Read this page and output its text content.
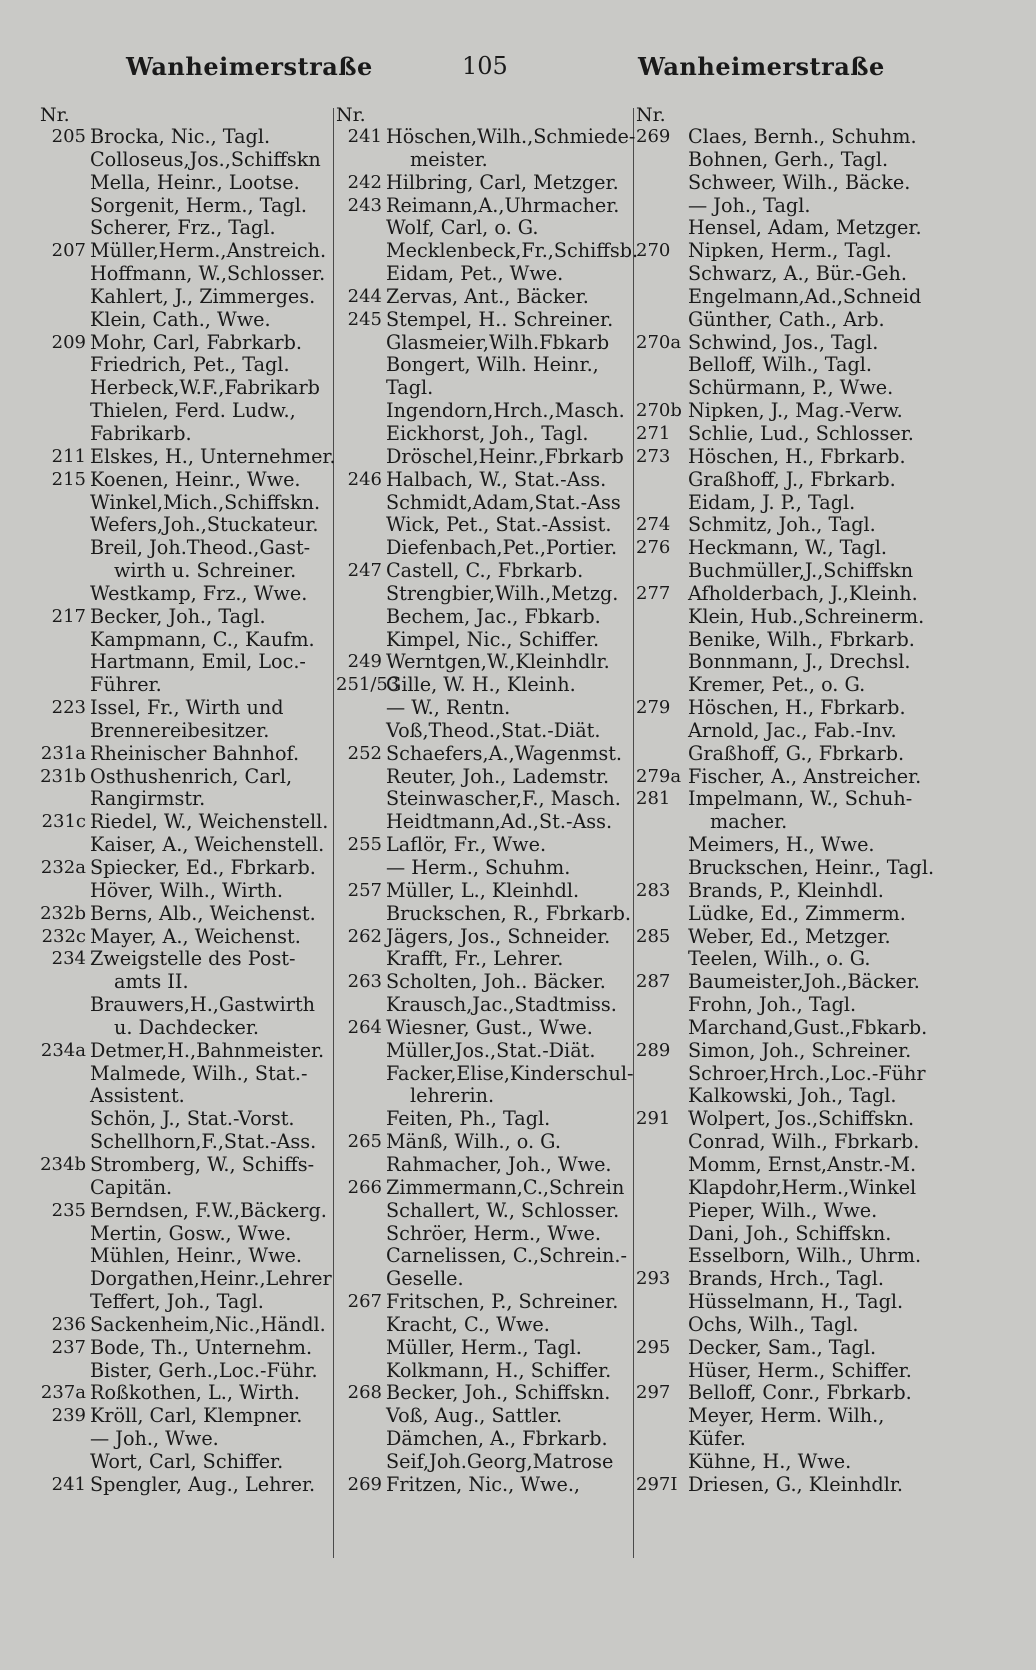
Wanheimerstraße	105	Wanheimerstraße
Nr.
205 Brocka, Nic., Tagl.
Colloseus,Jos.,Schiffskn
Mella, Heinr., Lootse.
Sorgenit, Herm., Tagl.
Scherer, Frz., Tagl.
207 Müller,Herm.,Anstreich.
Hoffmann, W.,Schlosser.
Kahlert, J., Zimmerges.
Klein, Cath., Wwe.
209 Mohr, Carl, Fabrkarb.
Friedrich, Pet., Tagl.
Herbeck,W.F.,Fabrikarb
Thielen, Ferd. Ludw.,
Fabrikarb.
211 Elskes, H., Unternehmer.
215 Koenen, Heinr., Wwe.
Winkel,Mich.,Schiffskn.
Wefers,Joh.,Stuckateur.
Breil, Joh.Theod.,Gast-
wirth u. Schreiner.
Westkamp, Frz., Wwe.
217 Becker, Joh., Tagl.
Kampmann, C., Kaufm.
Hartmann, Emil, Loc.-
Führer.
223 Issel, Fr., Wirth und
Brennereibesitzer.
231a Rheinischer Bahnhof.
231b Osthushenrich, Carl,
Rangirmstr.
231c Riedel, W., Weichenstell.
Kaiser, A., Weichenstell.
232a Spiecker, Ed., Fbrkarb.
Höver, Wilh., Wirth.
232b Berns, Alb., Weichenst.
232c Mayer, A., Weichenst.
234 Zweigstelle des Post-
amts II.
Brauwers,H.,Gastwirth
u. Dachdecker.
234a Detmer,H.,Bahnmeister.
Malmede, Wilh., Stat.-
Assistent.
Schön, J., Stat.-Vorst.
Schellhorn,F.,Stat.-Ass.
234b Stromberg, W., Schiffs-
Capitän.
235 Berndsen, F.W.,Bäckerg.
Mertin, Gosw., Wwe.
Mühlen, Heinr., Wwe.
Dorgathen,Heinr.,Lehrer
Teffert, Joh., Tagl.
236 Sackenheim,Nic.,Händl.
237 Bode, Th., Unternehm.
Bister, Gerh.,Loc.-Führ.
237a Roßkothen, L., Wirth.
239 Kröll, Carl, Klempner.
— Joh., Wwe.
Wort, Carl, Schiffer.
241 Spengler, Aug., Lehrer.
Nr.
241 Höschen,Wilh.,Schmiede-
meister.
242 Hilbring, Carl, Metzger.
243 Reimann,A.,Uhrmacher.
Wolf, Carl, o. G.
Mecklenbeck,Fr.,Schiffsb.
Eidam, Pet., Wwe.
244 Zervas, Ant., Bäcker.
245 Stempel, H.. Schreiner.
Glasmeier,Wilh.Fbkarb
Bongert, Wilh. Heinr.,
Tagl.
Ingendorn,Hrch.,Masch.
Eickhorst, Joh., Tagl.
Dröschel,Heinr.,Fbrkarb
246 Halbach, W., Stat.-Ass.
Schmidt,Adam,Stat.-Ass
Wick, Pet., Stat.-Assist.
Diefenbach,Pet.,Portier.
247 Castell, C., Fbrkarb.
Strengbier,Wilh.,Metzg.
Bechem, Jac., Fbkarb.
Kimpel, Nic., Schiffer.
249 Werntgen,W.,Kleinhdlr.
251/53
Gille, W. H., Kleinh.
— W., Rentn.
Voß,Theod.,Stat.-Diät.
252 Schaefers,A.,Wagenmst.
Reuter, Joh., Lademstr.
Steinwascher,F., Masch.
Heidtmann,Ad.,St.-Ass.
255 Laflör, Fr., Wwe.
— Herm., Schuhm.
257 Müller, L., Kleinhdl.
Bruckschen, R., Fbrkarb.
262 Jägers, Jos., Schneider.
Krafft, Fr., Lehrer.
263 Scholten, Joh.. Bäcker.
Krausch,Jac.,Stadtmiss.
264 Wiesner, Gust., Wwe.
Müller,Jos.,Stat.-Diät.
Facker,Elise,Kinderschul-
lehrerin.
Feiten, Ph., Tagl.
265 Mänß, Wilh., o. G.
Rahmacher, Joh., Wwe.
266 Zimmermann,C.,Schrein
Schallert, W., Schlosser.
Schröer, Herm., Wwe.
Carnelissen, C.,Schrein.-
Geselle.
267 Fritschen, P., Schreiner.
Kracht, C., Wwe.
Müller, Herm., Tagl.
Kolkmann, H., Schiffer.
268 Becker, Joh., Schiffskn.
Voß, Aug., Sattler.
Dämchen, A., Fbrkarb.
Seif,Joh.Georg,Matrose
269 Fritzen, Nic., Wwe.,
Nr.
269 Claes, Bernh., Schuhm.
Bohnen, Gerh., Tagl.
Schweer, Wilh., Bäcke.
— Joh., Tagl.
Hensel, Adam, Metzger.
270 Nipken, Herm., Tagl.
Schwarz, A., Bür.-Geh.
Engelmann,Ad.,Schneid
Günther, Cath., Arb.
270a Schwind, Jos., Tagl.
Belloff, Wilh., Tagl.
Schürmann, P., Wwe.
270b Nipken, J., Mag.-Verw.
271 Schlie, Lud., Schlosser.
273 Höschen, H., Fbrkarb.
Graßhoff, J., Fbrkarb.
Eidam, J. P., Tagl.
274 Schmitz, Joh., Tagl.
276 Heckmann, W., Tagl.
Buchmüller,J.,Schiffskn
277 Afholderbach, J.,Kleinh.
Klein, Hub.,Schreinerm.
Benike, Wilh., Fbrkarb.
Bonnmann, J., Drechsl.
Kremer, Pet., o. G.
279 Höschen, H., Fbrkarb.
Arnold, Jac., Fab.-Inv.
Graßhoff, G., Fbrkarb.
279a Fischer, A., Anstreicher.
281 Impelmann, W., Schuh-
macher.
Meimers, H., Wwe.
Bruckschen, Heinr., Tagl.
283 Brands, P., Kleinhdl.
Lüdke, Ed., Zimmerm.
285 Weber, Ed., Metzger.
Teelen, Wilh., o. G.
287 Baumeister,Joh.,Bäcker.
Frohn, Joh., Tagl.
Marchand,Gust.,Fbkarb.
289 Simon, Joh., Schreiner.
Schroer,Hrch.,Loc.-Führ
Kalkowski, Joh., Tagl.
291 Wolpert, Jos.,Schiffskn.
Conrad, Wilh., Fbrkarb.
Momm, Ernst,Anstr.-M.
Klapdohr,Herm.,Winkel
Pieper, Wilh., Wwe.
Dani, Joh., Schiffskn.
Esselborn, Wilh., Uhrm.
293 Brands, Hrch., Tagl.
Hüsselmann, H., Tagl.
Ochs, Wilh., Tagl.
295 Decker, Sam., Tagl.
Hüser, Herm., Schiffer.
297 Belloff, Conr., Fbrkarb.
Meyer, Herm. Wilh.,
Küfer.
Kühne, H., Wwe.
297I Driesen, G., Kleinhdlr.
